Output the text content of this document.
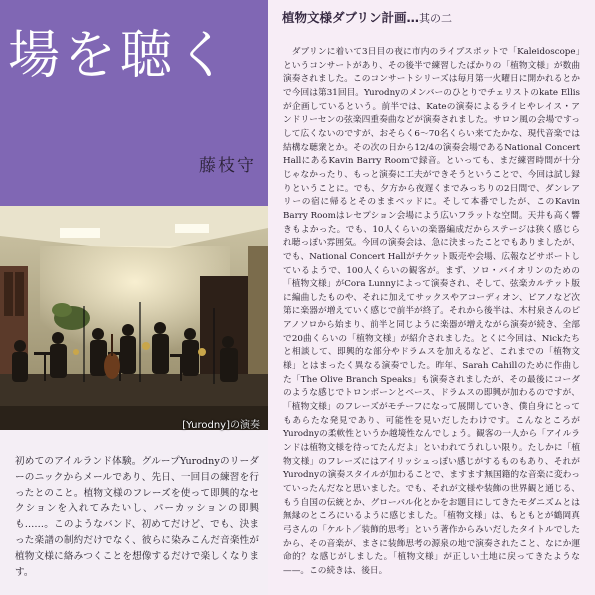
場を聴く
藤枝守
[Yurodny]の演奏

初めてのアイルランド体験。グループYurodnyのリーダーのニックからメールであり、先日、一回目の練習を行ったとのこと。植物文様のフレーズを使って即興的なセクションを入れてみたいし、パーカッションの即興も……。このようなバンド、初めてだけど、でも、決まった楽譜の制約だけでなく、彼らに染みこんだ音楽性が植物文様に絡みつくことを想像するだけで楽しくなります。

植物文様ダブリン計画…其の二

ダブリンに着いて3日目の夜に市内のライブスポットで「Kaleidoscope」というコンサートがあり、その後半で練習したばかりの「植物文様」が数曲演奏されました。このコンサートシリーズは毎月第一火曜日に開かれるとかで今回は第31回目。Yurodnyのメンバーのひとりでチェリストのkate Ellisが企画しているという。前半では、Kateの演奏によるライヒやレイス・アンドリーセンの弦楽四重奏曲などが演奏されました。サロン風の会場ですっして広くないのですが、おそらく6〜70名くらい来てたかな、現代音楽では結構な聴衆とか。その次の日から12/4の演奏会場であるNational Concert HallにあるKavin Barry Roomで録音。といっても、まだ練習時間が十分じゃなかったり、もっと演奏に工夫ができそうということで、今回は試し録りということに。でも、夕方から夜遅くまでみっちりの2日間で、ダンレアリーの宿に帰るとそのままベッドに。そして本番でしたが、このKavin Barry Roomはレセプション会場によう広いフラットな空間。天井も高く響きもよかった。でも、10人くらいの楽器編成だからステージは狭く感じられ聴っぽい雰囲気。今回の演奏会は、急に決まったことでもありましたが、でも、National Concert Hallがチケット販売や会場、広報などサポートしているようで、100人くらいの観客が。まず、ソロ・バイオリンのための「植物文様」がCora Lunnyによって演奏され、そして、弦楽カルテット版に編曲したものや、それに加えてサックスやアコーディオン、ピアノなど次第に楽器が増えていく感じで前半が終了。それから後半は、木村泉さんのピアノソロから始まり、前半と同じように楽器が増えながら演奏が続き、全部で20曲くらいの「植物文様」が紹介されました。とくに今回は、Nickたちと相談して、即興的な部分やドラムスを加えるなど、これまでの「植物文様」とはまったく異なる演奏でした。昨年、Sarah Cahillのために作曲した「The Olive Branch Speaks」も演奏されましたが、その最後にコーダのような感じでトロンボーンとベース、ドラムスの即興が加わるのですが、「植物文様」のフレーズがモチーフになって展開していき、僕自身にとってもあらたな発見であり、可能性を見いだしたわけです。こんなところがYurodnyの柔軟性というか越境性なんでしょう。観客の一人から「アイルランドは植物文様を待ってたんだよ」といわれてうれしい限り。たしかに「植物文様」のフレーズにはアイリッシュっぽい感じがするものもあり、それがYurodnyの演奏スタイルが加わることで、ますます無国籍的な音楽に変わっていったんだなと思いました。でも、それが文様や装飾の世界観と通じる、もう自国の伝統とか、グローバル化とかをお題目にしてきたモダニズムとは無縁のところにいるように感じました。「植物文様」は、もともとが鶴岡真弓さんの「ケルト／装飾的思考」という著作からみいだしたタイトルでしたから、その音楽が、まさに装飾思考の源泉の地で演奏されたこと、なにか運命的？な感じがしました。「植物文様」が正しい土地に戻ってきたような——。この続きは、後日。
